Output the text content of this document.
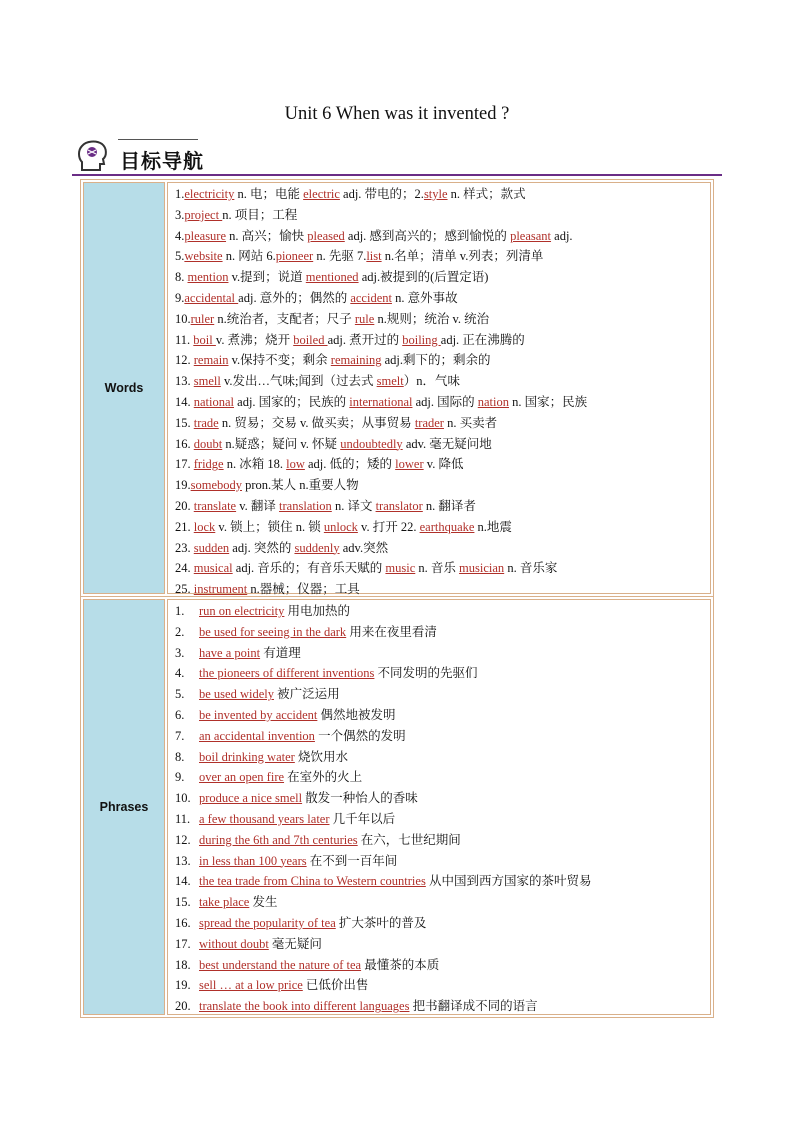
Unit 6 When was it invented ?
目标导航
Words
1.electricity n. 电；电能 electric adj. 带电的；2.style n. 样式；款式
3.project n. 项目；工程
4.pleasure n. 高兴；愉快 pleased adj. 感到高兴的；感到愉悦的 pleasant adj.
5.website n. 网站 6.pioneer n. 先驱 7.list n.名单；清单 v.列表；列清单
8. mention v.提到；说道 mentioned adj.被提到的(后置定语)
9.accidental adj. 意外的；偶然的 accident n. 意外事故
10.ruler n.统治者，支配者；尺子 rule n.规则；统治 v. 统治
11. boil v. 煮沸；烧开 boiled adj. 煮开过的 boiling adj. 正在沸腾的
12. remain v.保持不变；剩余 remaining adj.剩下的；剩余的
13. smell v.发出…气味;闻到（过去式 smelt）n．气味
14. national adj. 国家的；民族的 international adj. 国际的 nation n. 国家；民族
15. trade n. 贸易；交易 v. 做买卖；从事贸易 trader n. 买卖者
16. doubt n.疑惑；疑问 v. 怀疑 undoubtedly adv. 毫无疑问地
17. fridge n. 冰箱 18. low adj. 低的；矮的 lower v. 降低
19.somebody pron.某人 n.重要人物
20. translate v. 翻译 translation n. 译文 translator n. 翻译者
21. lock v. 锁上；锁住 n. 锁 unlock v. 打开 22. earthquake n.地震
23. sudden adj. 突然的 suddenly adv.突然
24. musical adj. 音乐的；有音乐天赋的 music n. 音乐 musician n. 音乐家
25. instrument n.器械；仪器；工具
Phrases
1. run on electricity 用电加热的
2. be used for seeing in the dark 用来在夜里看清
3. have a point 有道理
4. the pioneers of different inventions 不同发明的先驱们
5. be used widely 被广泛运用
6. be invented by accident 偶然地被发明
7. an accidental invention 一个偶然的发明
8. boil drinking water 烧饮用水
9. over an open fire 在室外的火上
10. produce a nice smell 散发一种怡人的香味
11. a few thousand years later 几千年以后
12. during the 6th and 7th centuries 在六，七世纪期间
13. in less than 100 years 在不到一百年间
14. the tea trade from China to Western countries 从中国到西方国家的茶叶贸易
15. take place 发生
16. spread the popularity of tea 扩大茶叶的普及
17. without doubt 毫无疑问
18. best understand the nature of tea 最懂茶的本质
19. sell … at a low price 已低价出售
20. translate the book into different languages 把书翻译成不同的语言
